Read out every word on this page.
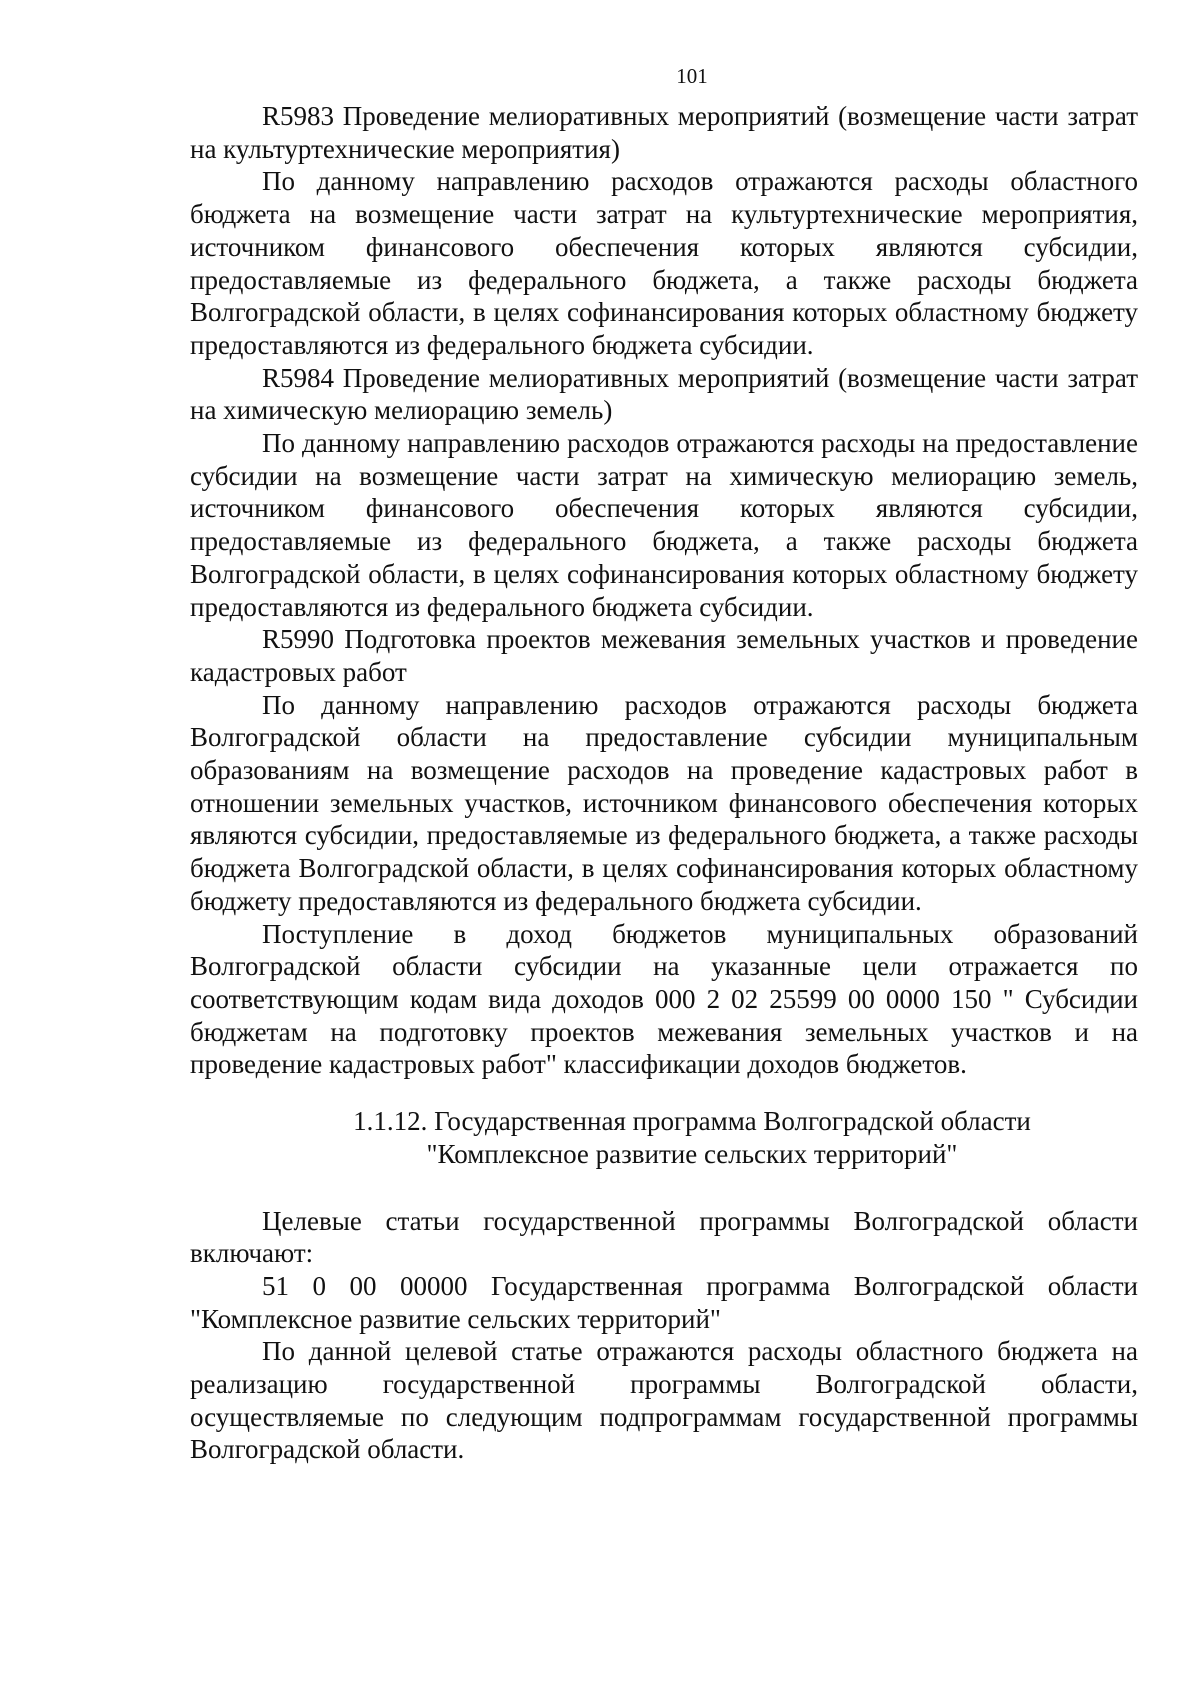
101

R5983 Проведение мелиоративных мероприятий (возмещение части затрат на культуртехнические мероприятия)

По данному направлению расходов отражаются расходы областного бюджета на возмещение части затрат на культуртехнические мероприятия, источником финансового обеспечения которых являются субсидии, предоставляемые из федерального бюджета, а также расходы бюджета Волгоградской области, в целях софинансирования которых областному бюджету предоставляются из федерального бюджета субсидии.

R5984 Проведение мелиоративных мероприятий (возмещение части затрат на химическую мелиорацию земель)

По данному направлению расходов отражаются расходы на предоставление субсидии на возмещение части затрат на химическую мелиорацию земель, источником финансового обеспечения которых являются субсидии, предоставляемые из федерального бюджета, а также расходы бюджета Волгоградской области, в целях софинансирования которых областному бюджету предоставляются из федерального бюджета субсидии.

R5990 Подготовка проектов межевания земельных участков и проведение кадастровых работ

По данному направлению расходов отражаются расходы бюджета Волгоградской области на предоставление субсидии муниципальным образованиям на возмещение расходов на проведение кадастровых работ в отношении земельных участков, источником финансового обеспечения которых являются субсидии, предоставляемые из федерального бюджета, а также расходы бюджета Волгоградской области, в целях софинансирования которых областному бюджету предоставляются из федерального бюджета субсидии.

Поступление в доход бюджетов муниципальных образований Волгоградской области субсидии на указанные цели отражается по соответствующим кодам вида доходов 000 2 02 25599 00 0000 150 " Субсидии бюджетам на подготовку проектов межевания земельных участков и на проведение кадастровых работ" классификации доходов бюджетов.

1.1.12. Государственная программа Волгоградской области
"Комплексное развитие сельских территорий"

Целевые статьи государственной программы Волгоградской области включают:

51 0 00 00000 Государственная программа Волгоградской области "Комплексное развитие сельских территорий"

По данной целевой статье отражаются расходы областного бюджета на реализацию государственной программы Волгоградской области, осуществляемые по следующим подпрограммам государственной программы Волгоградской области.
